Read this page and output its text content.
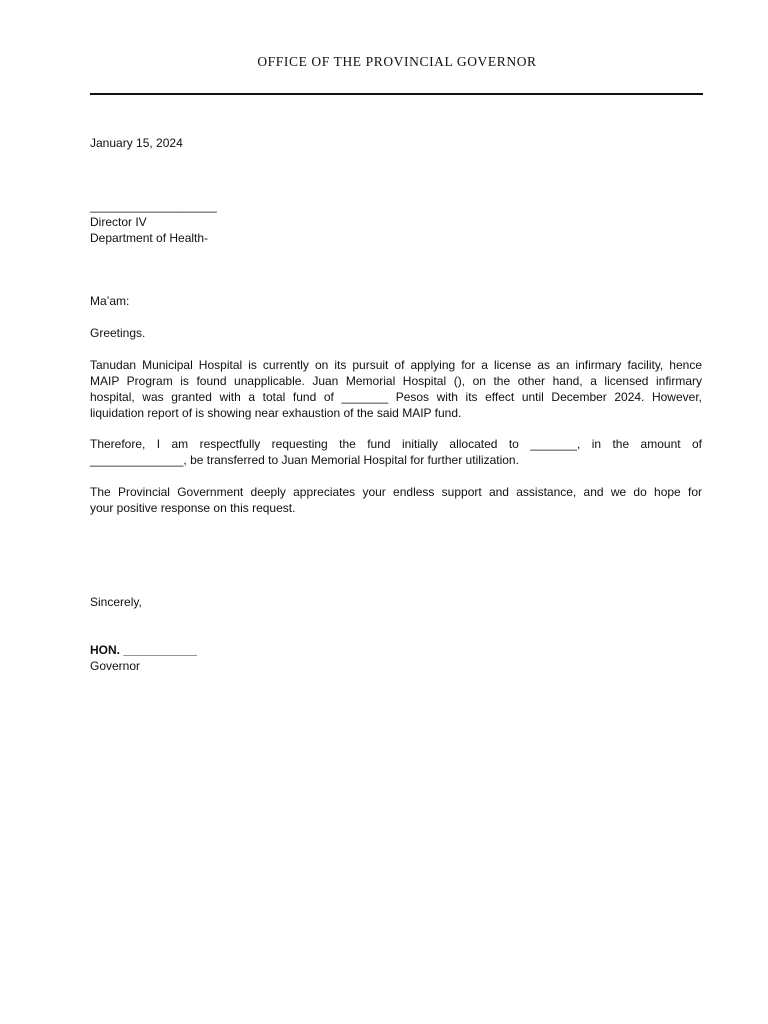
OFFICE OF THE PROVINCIAL GOVERNOR
January 15, 2024
___________________
Director IV
Department of Health-
Ma’am:
Greetings.
Tanudan Municipal Hospital is currently on its pursuit of applying for a license as an infirmary facility, hence
MAIP Program is found unapplicable. Juan Memorial Hospital (), on the other hand, a licensed infirmary
hospital, was granted with a total fund of _______ Pesos with its effect until December 2024. However,
liquidation report of is showing near exhaustion of the said MAIP fund.
Therefore, I am respectfully requesting the fund initially allocated to _______, in the amount of
______________, be transferred to Juan Memorial Hospital for further utilization.
The Provincial Government deeply appreciates your endless support and assistance, and we do hope for
your positive response on this request.
Sincerely,
HON. ___________
Governor
